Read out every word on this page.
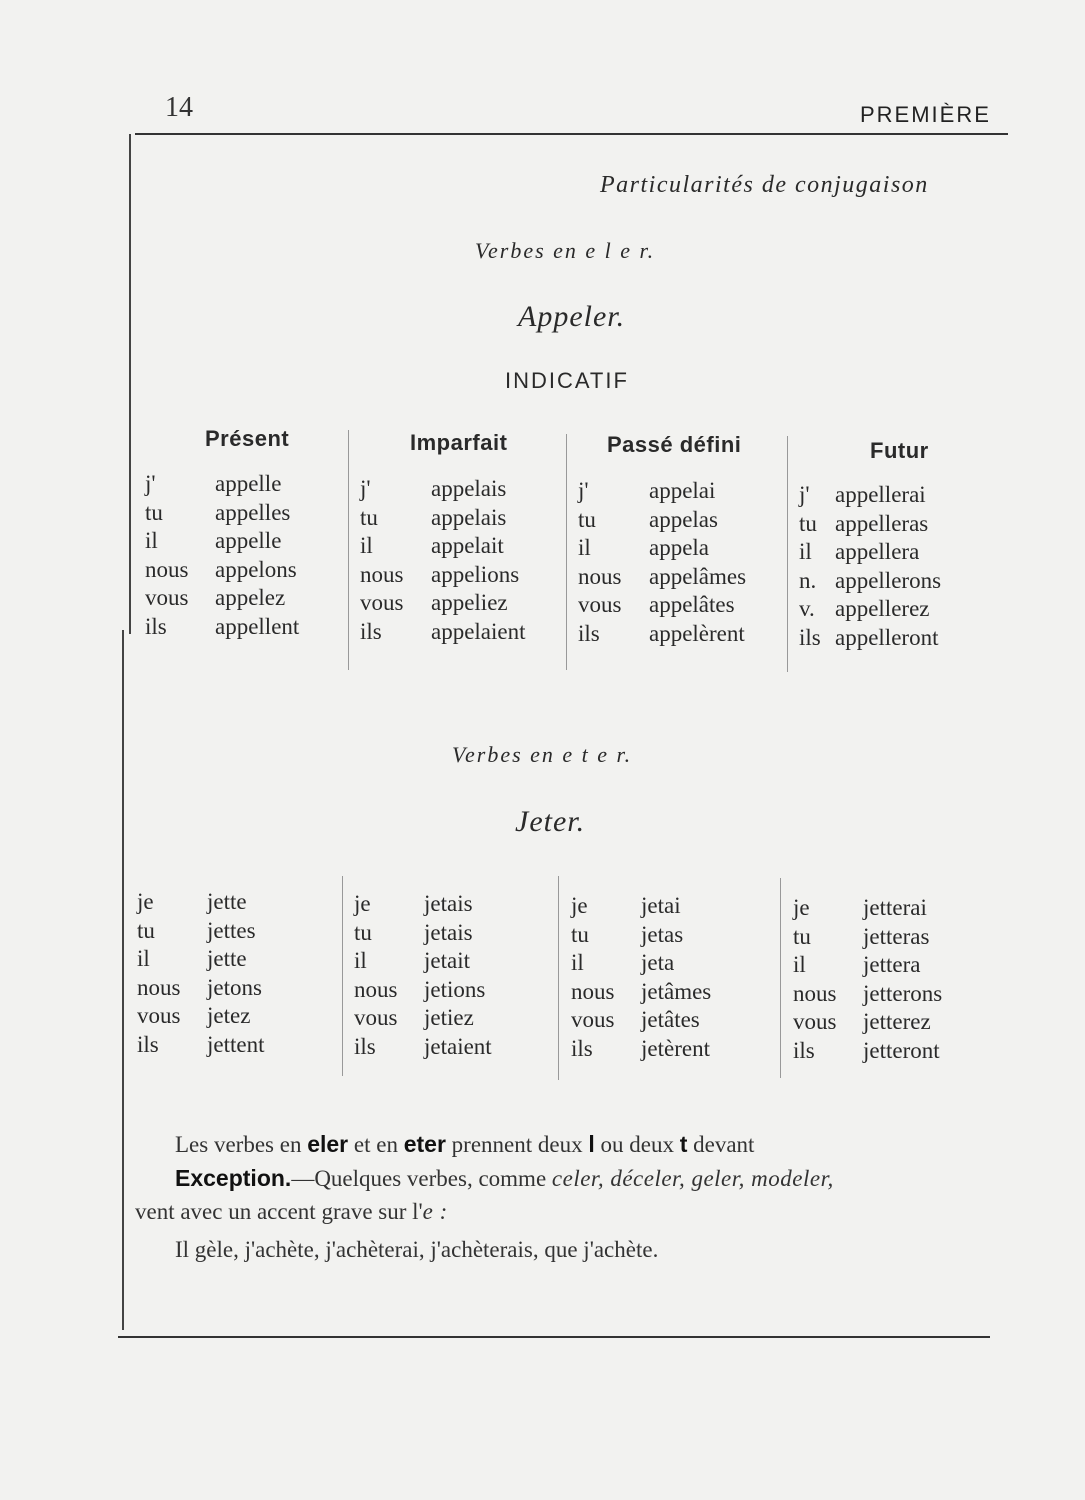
14	PREMIÈRE
Particularités de conjugaison
Verbes en e l e r.
Appeler.
INDICATIF
Présent	Imparfait	Passé défini	Futur
j'	appelle
tu	appelles
il	appelle
nous	appelons
vous	appelez
ils	appellent
j'	appelais
tu	appelais
il	appelait
nous	appelions
vous	appeliez
ils	appelaient
j'	appelai
tu	appelas
il	appela
nous	appelâmes
vous	appelâtes
ils	appelèrent
j'	appellerai
tu appelleras
il	appellera
n. appellerons
v. appellerez
ils appelleront
Verbes en e t e r.
Jeter.
je	jette
tu	jettes
il	jette
nous	jetons
vous	jetez
ils	jettent
je	jetais
tu	jetais
il	jetait
nous	jetions
vous	jetiez
ils	jetaient
je	jetai
tu	jetas
il	jeta
nous	jetâmes
vous	jetâtes
ils	jetèrent
je	jetterai
tu	jetteras
il	jettera
nous	jetterons
vous	jetterez
ils	jetteront
Les verbes en eler et en eter prennent deux l ou deux t devant
Exception.—Quelques verbes, comme celer, déceler, geler, modeler,
vent avec un accent grave sur l'e :
Il gèle, j'achète, j'achèterai, j'achèterais, que j'achète.
